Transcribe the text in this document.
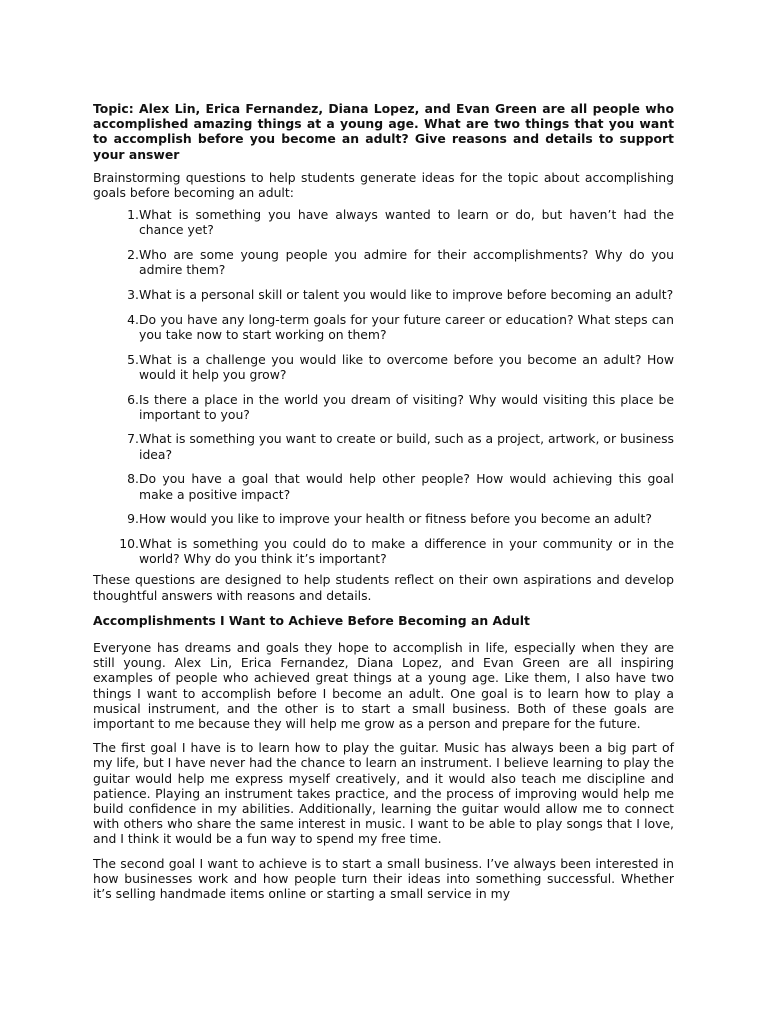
Topic: Alex Lin, Erica Fernandez, Diana Lopez, and Evan Green are all people who accomplished amazing things at a young age. What are two things that you want to accomplish before you become an adult? Give reasons and details to support your answer

Brainstorming questions to help students generate ideas for the topic about accomplishing goals before becoming an adult:

1. What is something you have always wanted to learn or do, but haven’t had the chance yet?
2. Who are some young people you admire for their accomplishments? Why do you admire them?
3. What is a personal skill or talent you would like to improve before becoming an adult?
4. Do you have any long-term goals for your future career or education? What steps can you take now to start working on them?
5. What is a challenge you would like to overcome before you become an adult? How would it help you grow?
6. Is there a place in the world you dream of visiting? Why would visiting this place be important to you?
7. What is something you want to create or build, such as a project, artwork, or business idea?
8. Do you have a goal that would help other people? How would achieving this goal make a positive impact?
9. How would you like to improve your health or fitness before you become an adult?
10. What is something you could do to make a difference in your community or in the world? Why do you think it’s important?

These questions are designed to help students reflect on their own aspirations and develop thoughtful answers with reasons and details.

Accomplishments I Want to Achieve Before Becoming an Adult

Everyone has dreams and goals they hope to accomplish in life, especially when they are still young. Alex Lin, Erica Fernandez, Diana Lopez, and Evan Green are all inspiring examples of people who achieved great things at a young age. Like them, I also have two things I want to accomplish before I become an adult. One goal is to learn how to play a musical instrument, and the other is to start a small business. Both of these goals are important to me because they will help me grow as a person and prepare for the future.

The first goal I have is to learn how to play the guitar. Music has always been a big part of my life, but I have never had the chance to learn an instrument. I believe learning to play the guitar would help me express myself creatively, and it would also teach me discipline and patience. Playing an instrument takes practice, and the process of improving would help me build confidence in my abilities. Additionally, learning the guitar would allow me to connect with others who share the same interest in music. I want to be able to play songs that I love, and I think it would be a fun way to spend my free time.

The second goal I want to achieve is to start a small business. I’ve always been interested in how businesses work and how people turn their ideas into something successful. Whether it’s selling handmade items online or starting a small service in my
